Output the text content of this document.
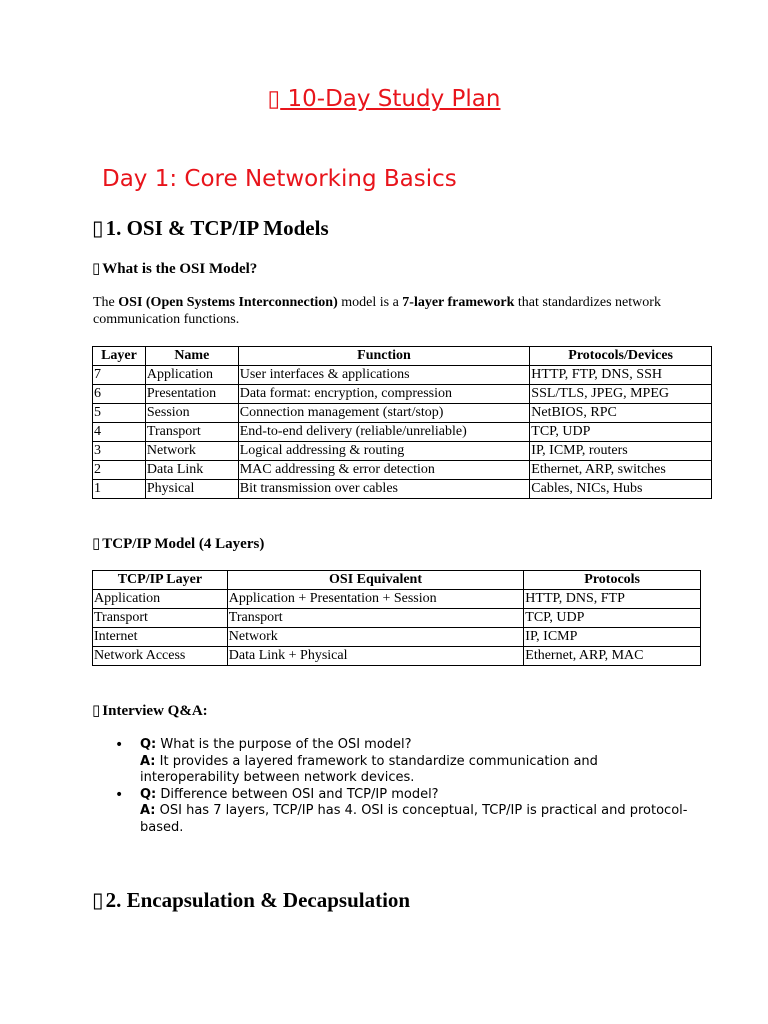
▯ 10-Day Study Plan
Day 1: Core Networking Basics
▯1. OSI & TCP/IP Models
▯ What is the OSI Model?
The OSI (Open Systems Interconnection) model is a 7-layer framework that standardizes network communication functions.
Layer	Name	Function	Protocols/Devices
7	Application	User interfaces & applications	HTTP, FTP, DNS, SSH
6	Presentation	Data format: encryption, compression	SSL/TLS, JPEG, MPEG
5	Session	Connection management (start/stop)	NetBIOS, RPC
4	Transport	End-to-end delivery (reliable/unreliable)	TCP, UDP
3	Network	Logical addressing & routing	IP, ICMP, routers
2	Data Link	MAC addressing & error detection	Ethernet, ARP, switches
1	Physical	Bit transmission over cables	Cables, NICs, Hubs
▯ TCP/IP Model (4 Layers)
TCP/IP Layer	OSI Equivalent	Protocols
Application	Application + Presentation + Session	HTTP, DNS, FTP
Transport	Transport	TCP, UDP
Internet	Network	IP, ICMP
Network Access	Data Link + Physical	Ethernet, ARP, MAC
▯ Interview Q&A:
• Q: What is the purpose of the OSI model?
A: It provides a layered framework to standardize communication and interoperability between network devices.
• Q: Difference between OSI and TCP/IP model?
A: OSI has 7 layers, TCP/IP has 4. OSI is conceptual, TCP/IP is practical and protocol-based.
▯2. Encapsulation & Decapsulation
